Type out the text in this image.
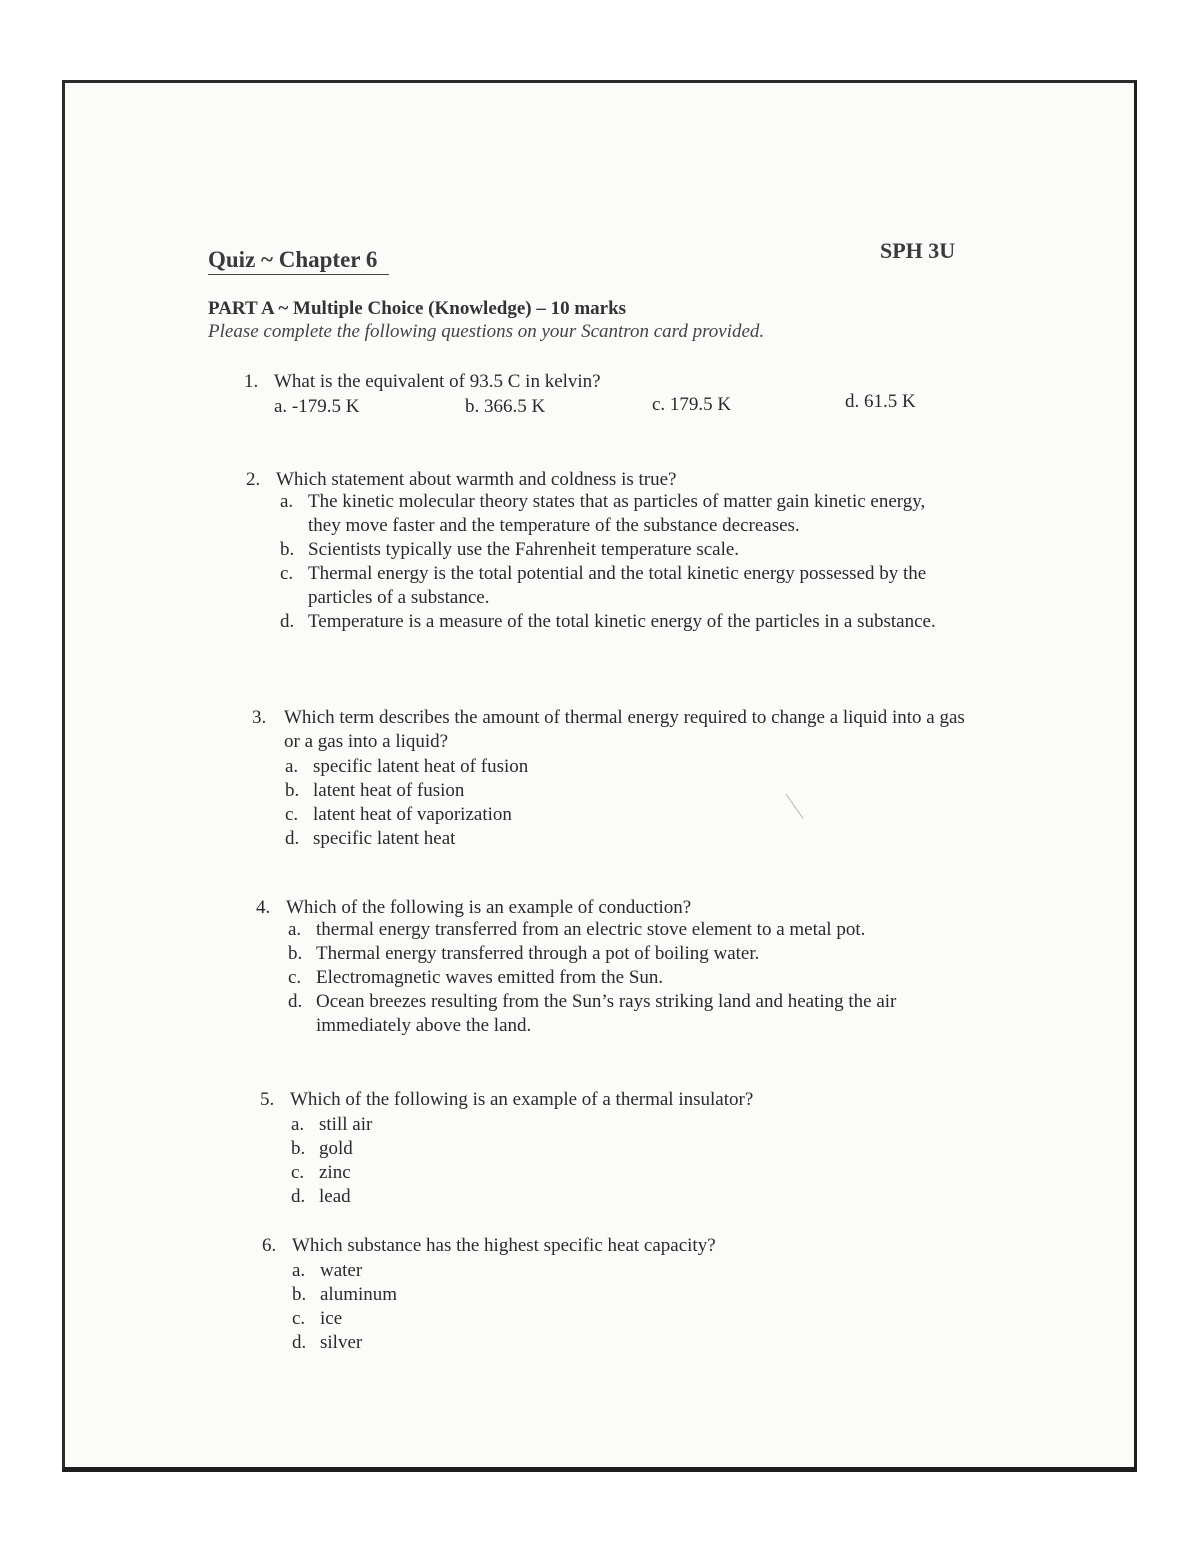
Quiz ~ Chapter 6	SPH 3U
PART A ~ Multiple Choice (Knowledge) – 10 marks
Please complete the following questions on your Scantron card provided.
1. What is the equivalent of 93.5 C in kelvin?
a. -179.5 K	b. 366.5 K	c. 179.5 K	d. 61.5 K
2. Which statement about warmth and coldness is true?
a. The kinetic molecular theory states that as particles of matter gain kinetic energy, they move faster and the temperature of the substance decreases.
b. Scientists typically use the Fahrenheit temperature scale.
c. Thermal energy is the total potential and the total kinetic energy possessed by the particles of a substance.
d. Temperature is a measure of the total kinetic energy of the particles in a substance.
3. Which term describes the amount of thermal energy required to change a liquid into a gas or a gas into a liquid?
a. specific latent heat of fusion
b. latent heat of fusion
c. latent heat of vaporization
d. specific latent heat
4. Which of the following is an example of conduction?
a. thermal energy transferred from an electric stove element to a metal pot.
b. Thermal energy transferred through a pot of boiling water.
c. Electromagnetic waves emitted from the Sun.
d. Ocean breezes resulting from the Sun’s rays striking land and heating the air immediately above the land.
5. Which of the following is an example of a thermal insulator?
a. still air
b. gold
c. zinc
d. lead
6. Which substance has the highest specific heat capacity?
a. water
b. aluminum
c. ice
d. silver
